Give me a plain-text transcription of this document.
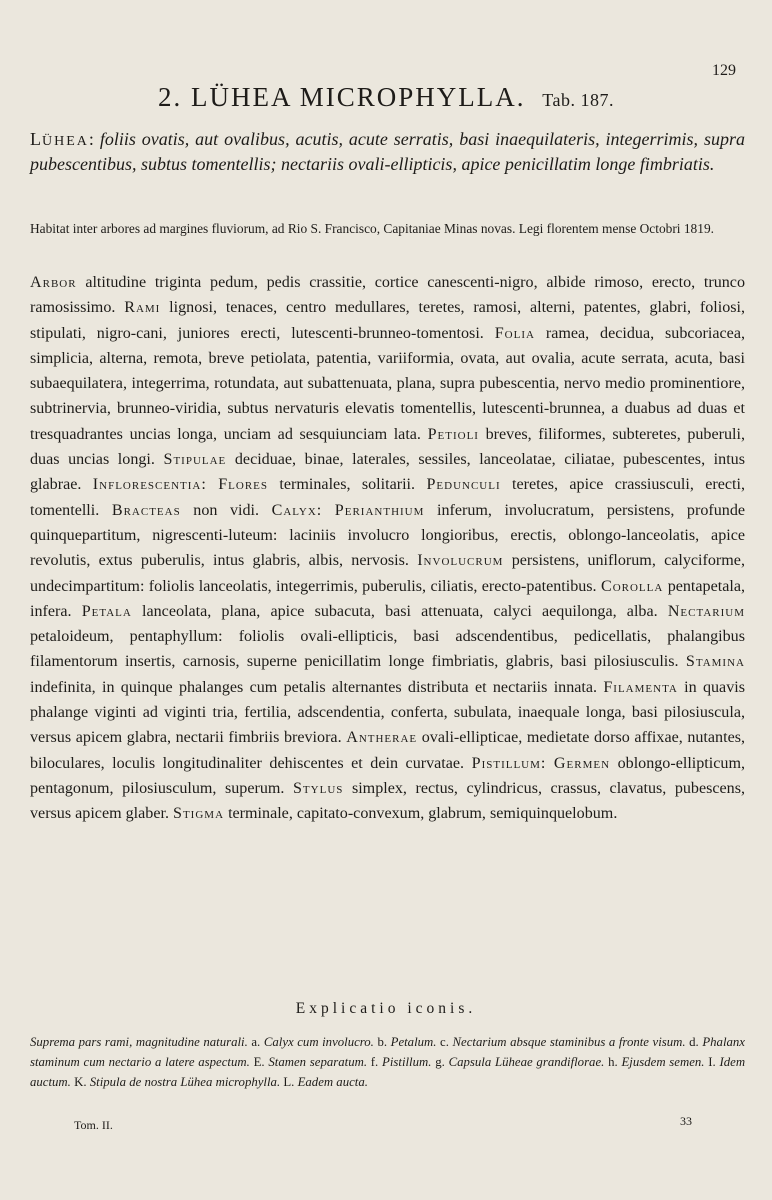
129
2. LÜHEA MICROPHYLLA. Tab. 187.
LÜHEA: foliis ovatis, aut ovalibus, acutis, acute serratis, basi inaequilateris, integerrimis, supra pubescentibus, subtus tomentellis; nectariis ovali-ellipticis, apice penicillatim longe fimbriatis.
Habitat inter arbores ad margines fluviorum, ad Rio S. Francisco, Capitaniae Minas novas. Legi florentem mense Octobri 1819.
Arbor altitudine triginta pedum, pedis crassitie, cortice canescenti-nigro, albide rimoso, erecto, trunco ramosissimo. Rami lignosi, tenaces, centro medullares, teretes, ramosi, alterni, patentes, glabri, foliosi, stipulati, nigro-cani, juniores erecti, lutescenti-brunneo-tomentosi. Folia ramea, decidua, subcoriacea, simplicia, alterna, remota, breve petiolata, patentia, variiformia, ovata, aut ovalia, acute serrata, acuta, basi subaequilatera, integerrima, rotundata, aut subattenuata, plana, supra pubescentia, nervo medio prominentiore, subtrinervia, brunneo-viridia, subtus nervaturis elevatis tomentellis, lutescenti-brunnea, a duabus ad duas et tresquadrantes uncias longa, unciam ad sesquiunciam lata. Petioli breves, filiformes, subteretes, puberuli, duas uncias longi. Stipulae deciduae, binae, laterales, sessiles, lanceolatae, ciliatae, pubescentes, intus glabrae. Inflorescentia: Flores terminales, solitarii. Pedunculi teretes, apice crassiusculi, erecti, tomentelli. Bracteas non vidi. Calyx: Perianthium inferum, involucratum, persistens, profunde quinquepartitum, nigrescenti-luteum: laciniis involucro longioribus, erectis, oblongo-lanceolatis, apice revolutis, extus puberulis, intus glabris, albis, nervosis. Involucrum persistens, uniflorum, calyciforme, undecimpartitum: foliolis lanceolatis, integerrimis, puberulis, ciliatis, erecto-patentibus. Corolla pentapetala, infera. Petala lanceolata, plana, apice subacuta, basi attenuata, calyci aequilonga, alba. Nectarium petaloideum, pentaphyllum: foliolis ovali-ellipticis, basi adscendentibus, pedicellatis, phalangibus filamentorum insertis, carnosis, superne penicillatim longe fimbriatis, glabris, basi pilosiusculis. Stamina indefinita, in quinque phalanges cum petalis alternantes distributa et nectariis innata. Filamenta in quavis phalange viginti ad viginti tria, fertilia, adscendentia, conferta, subulata, inaequale longa, basi pilosiuscula, versus apicem glabra, nectarii fimbriis breviora. Antherae ovali-ellipticae, medietate dorso affixae, nutantes, biloculares, loculis longitudinaliter dehiscentes et dein curvatae. Pistillum: Germen oblongo-ellipticum, pentagonum, pilosiusculum, superum. Stylus simplex, rectus, cylindricus, crassus, clavatus, pubescens, versus apicem glaber. Stigma terminale, capitato-convexum, glabrum, semiquinquelobum.
Explicatio iconis.
Suprema pars rami, magnitudine naturali. a. Calyx cum involucro. b. Petalum. c. Nectarium absque staminibus a fronte visum. d. Phalanx staminum cum nectario a latere aspectum. E. Stamen separatum. f. Pistillum. g. Capsula Lüheae grandiflorae. h. Ejusdem semen. I. Idem auctum. K. Stipula de nostra Lühea microphylla. L. Eadem aucta.
Tom. II.	33
